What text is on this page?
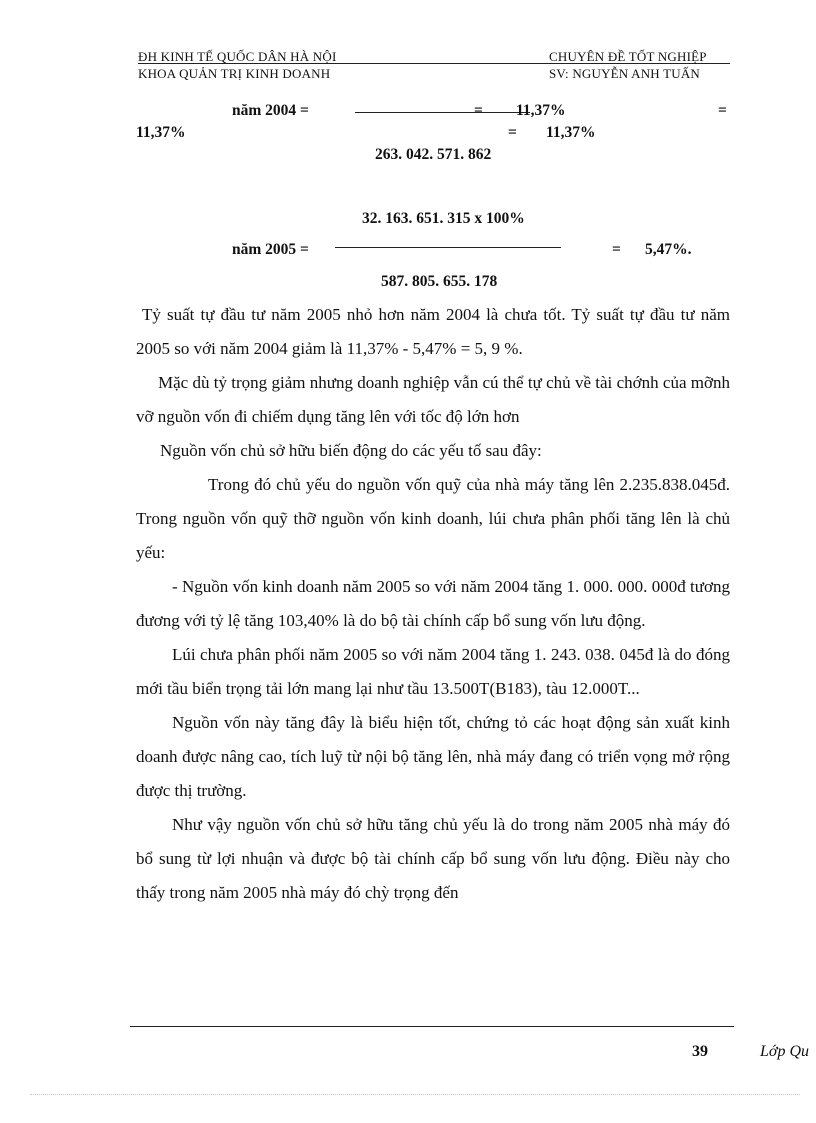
ĐH KINH TẾ QUỐC DÂN HÀ NỘI
KHOA QUẢN TRỊ KINH DOANH
CHUYÊN ĐỀ TỐT NGHIỆP
SV: NGUYỄN ANH TUẤN
năm 2004 =	= 11,37%	=
11,37%	= 11,37%
263. 042. 571. 862
32. 163. 651. 315 x 100%
năm 2005 =	= 5,47%.
587. 805. 655. 178

Tỷ suất tự đầu tư năm 2005 nhỏ hơn năm 2004 là chưa tốt. Tỷ suất tự đầu tư năm 2005 so với năm 2004 giảm là 11,37% - 5,47% = 5, 9 %.

Mặc dù tỷ trọng giảm nhưng doanh nghiệp vẫn cú thể tự chủ về tài chớnh của mỡnh vỡ nguồn vốn đi chiếm dụng tăng lên với tốc độ lớn hơn

Nguồn vốn chủ sở hữu biến động do các yếu tố sau đây:

Trong đó chủ yếu do nguồn vốn quỹ của nhà máy tăng lên 2.235.838.045đ. Trong nguồn vốn quỹ thỡ nguồn vốn kinh doanh, lúi chưa phân phối tăng lên là chủ yếu:

- Nguồn vốn kinh doanh năm 2005 so với năm 2004 tăng 1. 000. 000. 000đ tương đương với tỷ lệ tăng 103,40% là do bộ tài chính cấp bổ sung vốn lưu động.

Lúi chưa phân phối năm 2005 so với năm 2004 tăng 1. 243. 038. 045đ là do đóng mới tầu biển trọng tải lớn mang lại như tầu 13.500T(B183), tàu 12.000T...

Nguồn vốn này tăng đây là biểu hiện tốt, chứng tỏ các hoạt động sản xuất kinh doanh được nâng cao, tích luỹ từ nội bộ tăng lên, nhà máy đang có triển vọng mở rộng được thị trường.

Như vậy nguồn vốn chủ sở hữu tăng chủ yếu là do trong năm 2005 nhà máy đó bổ sung từ lợi nhuận và được bộ tài chính cấp bổ sung vốn lưu động. Điều này cho thấy trong năm 2005 nhà máy đó chỳ trọng đến

39	Lớp Qu
